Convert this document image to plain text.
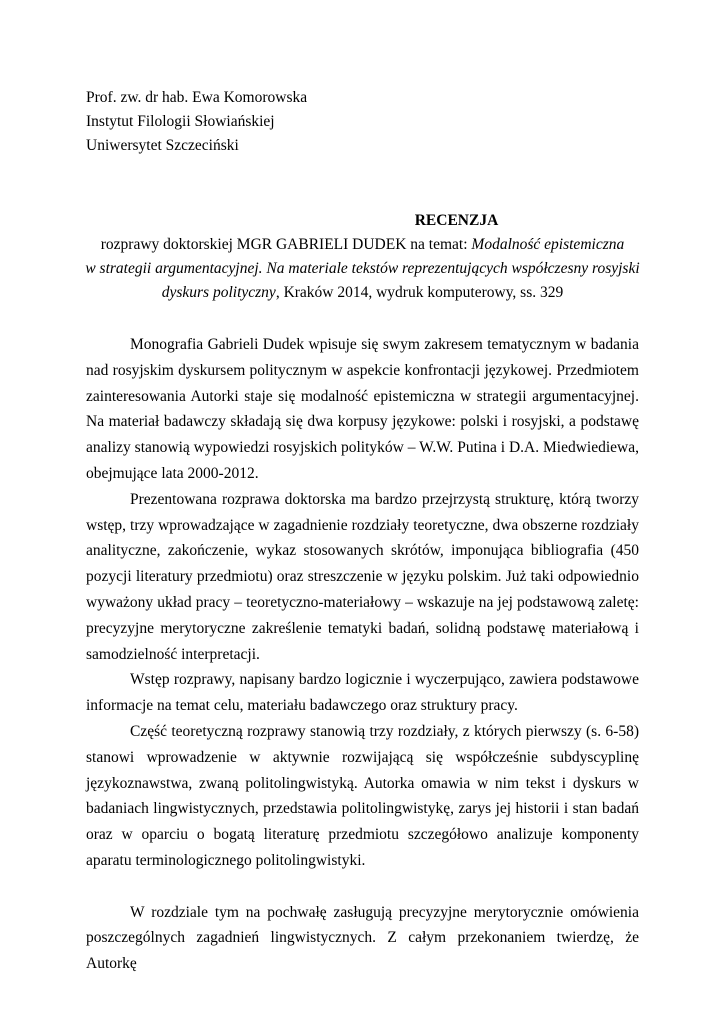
Prof. zw. dr hab. Ewa Komorowska
Instytut Filologii Słowiańskiej
Uniwersytet Szczeciński
RECENZJA
rozprawy doktorskiej MGR GABRIELI DUDEK na temat: Modalność epistemiczna
w strategii argumentacyjnej. Na materiale tekstów reprezentujących współczesny rosyjski
dyskurs polityczny, Kraków 2014, wydruk komputerowy, ss. 329

Monografia Gabrieli Dudek wpisuje się swym zakresem tematycznym w badania nad rosyjskim dyskursem politycznym w aspekcie konfrontacji językowej. Przedmiotem zainteresowania Autorki staje się modalność epistemiczna w strategii argumentacyjnej. Na materiał badawczy składają się dwa korpusy językowe: polski i rosyjski, a podstawę analizy stanowią wypowiedzi rosyjskich polityków – W.W. Putina i D.A. Miedwiediewa, obejmujące lata 2000-2012.

Prezentowana rozprawa doktorska ma bardzo przejrzystą strukturę, którą tworzy wstęp, trzy wprowadzające w zagadnienie rozdziały teoretyczne, dwa obszerne rozdziały analityczne, zakończenie, wykaz stosowanych skrótów, imponująca bibliografia (450 pozycji literatury przedmiotu) oraz streszczenie w języku polskim. Już taki odpowiednio wyważony układ pracy – teoretyczno-materiałowy – wskazuje na jej podstawową zaletę: precyzyjne merytoryczne zakreślenie tematyki badań, solidną podstawę materiałową i samodzielność interpretacji.

Wstęp rozprawy, napisany bardzo logicznie i wyczerpująco, zawiera podstawowe informacje na temat celu, materiału badawczego oraz struktury pracy.

Część teoretyczną rozprawy stanowią trzy rozdziały, z których pierwszy (s. 6-58) stanowi wprowadzenie w aktywnie rozwijającą się współcześnie subdyscyplinę językoznawstwa, zwaną politolingwistyką. Autorka omawia w nim tekst i dyskurs w badaniach lingwistycznych, przedstawia politolingwistykę, zarys jej historii i stan badań oraz w oparciu o bogatą literaturę przedmiotu szczegółowo analizuje komponenty aparatu terminologicznego politolingwistyki.

W rozdziale tym na pochwałę zasługują precyzyjne merytorycznie omówienia poszczególnych zagadnień lingwistycznych. Z całym przekonaniem twierdzę, że Autorkę
